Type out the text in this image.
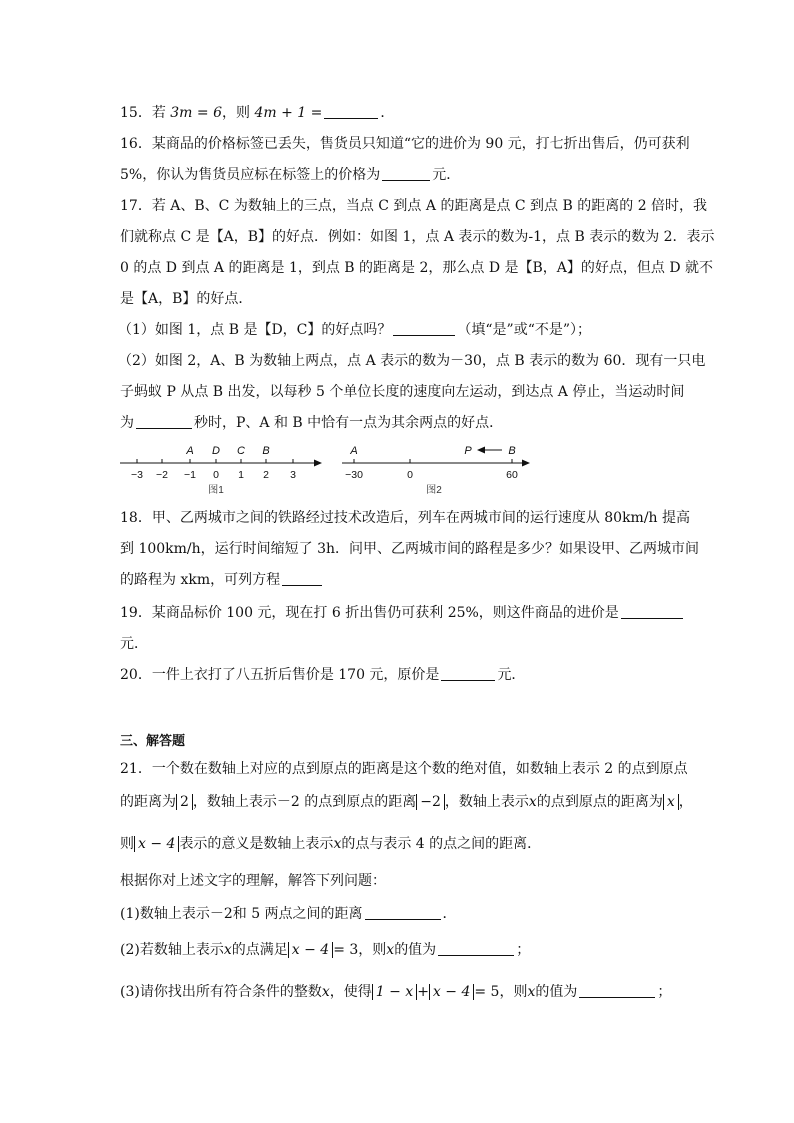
15．若 3m = 6，则 4m + 1 =	．
16．某商品的价格标签已丢失，售货员只知道“它的进价为 90 元，打七折出售后，仍可获利
5%，你认为售货员应标在标签上的价格为	元．
17．若 A、B、C 为数轴上的三点，当点 C 到点 A 的距离是点 C 到点 B 的距离的 2 倍时，我
们就称点 C 是【A，B】的好点．例如：如图 1，点 A 表示的数为-1，点 B 表示的数为 2．表示
0 的点 D 到点 A 的距离是 1，到点 B 的距离是 2，那么点 D 是【B，A】的好点，但点 D 就不
是【A，B】的好点．
（1）如图 1，点 B 是【D，C】的好点吗？	（填“是”或“不是”）；
（2）如图 2，A、B 为数轴上两点，点 A 表示的数为－30，点 B 表示的数为 60．现有一只电
子蚂蚁 P 从点 B 出发，以每秒 5 个单位长度的速度向左运动，到达点 A 停止，当运动时间
为	秒时，P、A 和 B 中恰有一点为其余两点的好点．
A D C B
−3 −2 −1 0 1 2 3
图1
A	P	B
−30	0	60
图2
18．甲、乙两城市之间的铁路经过技术改造后，列车在两城市间的运行速度从 80km/h 提高
到 100km/h，运行时间缩短了 3h．问甲、乙两城市间的路程是多少？如果设甲、乙两城市间
的路程为 xkm，可列方程
19．某商品标价 100 元，现在打 6 折出售仍可获利 25%，则这件商品的进价是
元．
20．一件上衣打了八五折后售价是 170 元，原价是	元．
三、解答题
21．一个数在数轴上对应的点到原点的距离是这个数的绝对值，如数轴上表示 2 的点到原点
的距离为 2 ，数轴上表示－2 的点到原点的距离 −2 ，数轴上表示x的点到原点的距离为 x ，
则 x − 4 表示的意义是数轴上表示x的点与表示 4 的点之间的距离．
根据你对上述文字的理解，解答下列问题：
(1)数轴上表示－2和 5 两点之间的距离	．
(2)若数轴上表示x的点满足 x − 4 = 3，则x的值为	；
(3)请你找出所有符合条件的整数x，使得 1 − x + x − 4 = 5，则x的值为	；
